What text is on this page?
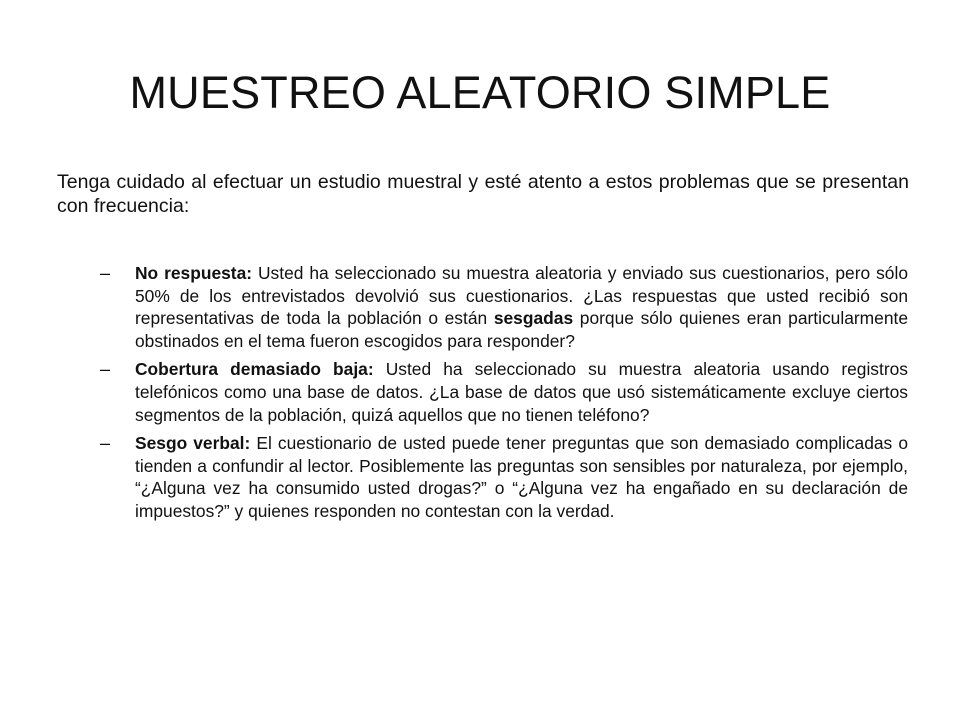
MUESTREO ALEATORIO SIMPLE

Tenga cuidado al efectuar un estudio muestral y esté atento a estos problemas que se presentan con frecuencia:

–	No respuesta: Usted ha seleccionado su muestra aleatoria y enviado sus cuestionarios, pero sólo 50% de los entrevistados devolvió sus cuestionarios. ¿Las respuestas que usted recibió son representativas de toda la población o están sesgadas porque sólo quienes eran particularmente obstinados en el tema fueron escogidos para responder?
–	Cobertura demasiado baja: Usted ha seleccionado su muestra aleatoria usando registros telefónicos como una base de datos. ¿La base de datos que usó sistemáticamente excluye ciertos segmentos de la población, quizá aquellos que no tienen teléfono?
–	Sesgo verbal: El cuestionario de usted puede tener preguntas que son demasiado complicadas o tienden a confundir al lector. Posiblemente las preguntas son sensibles por naturaleza, por ejemplo, “¿Alguna vez ha consumido usted drogas?” o “¿Alguna vez ha engañado en su declaración de impuestos?” y quienes responden no contestan con la verdad.
